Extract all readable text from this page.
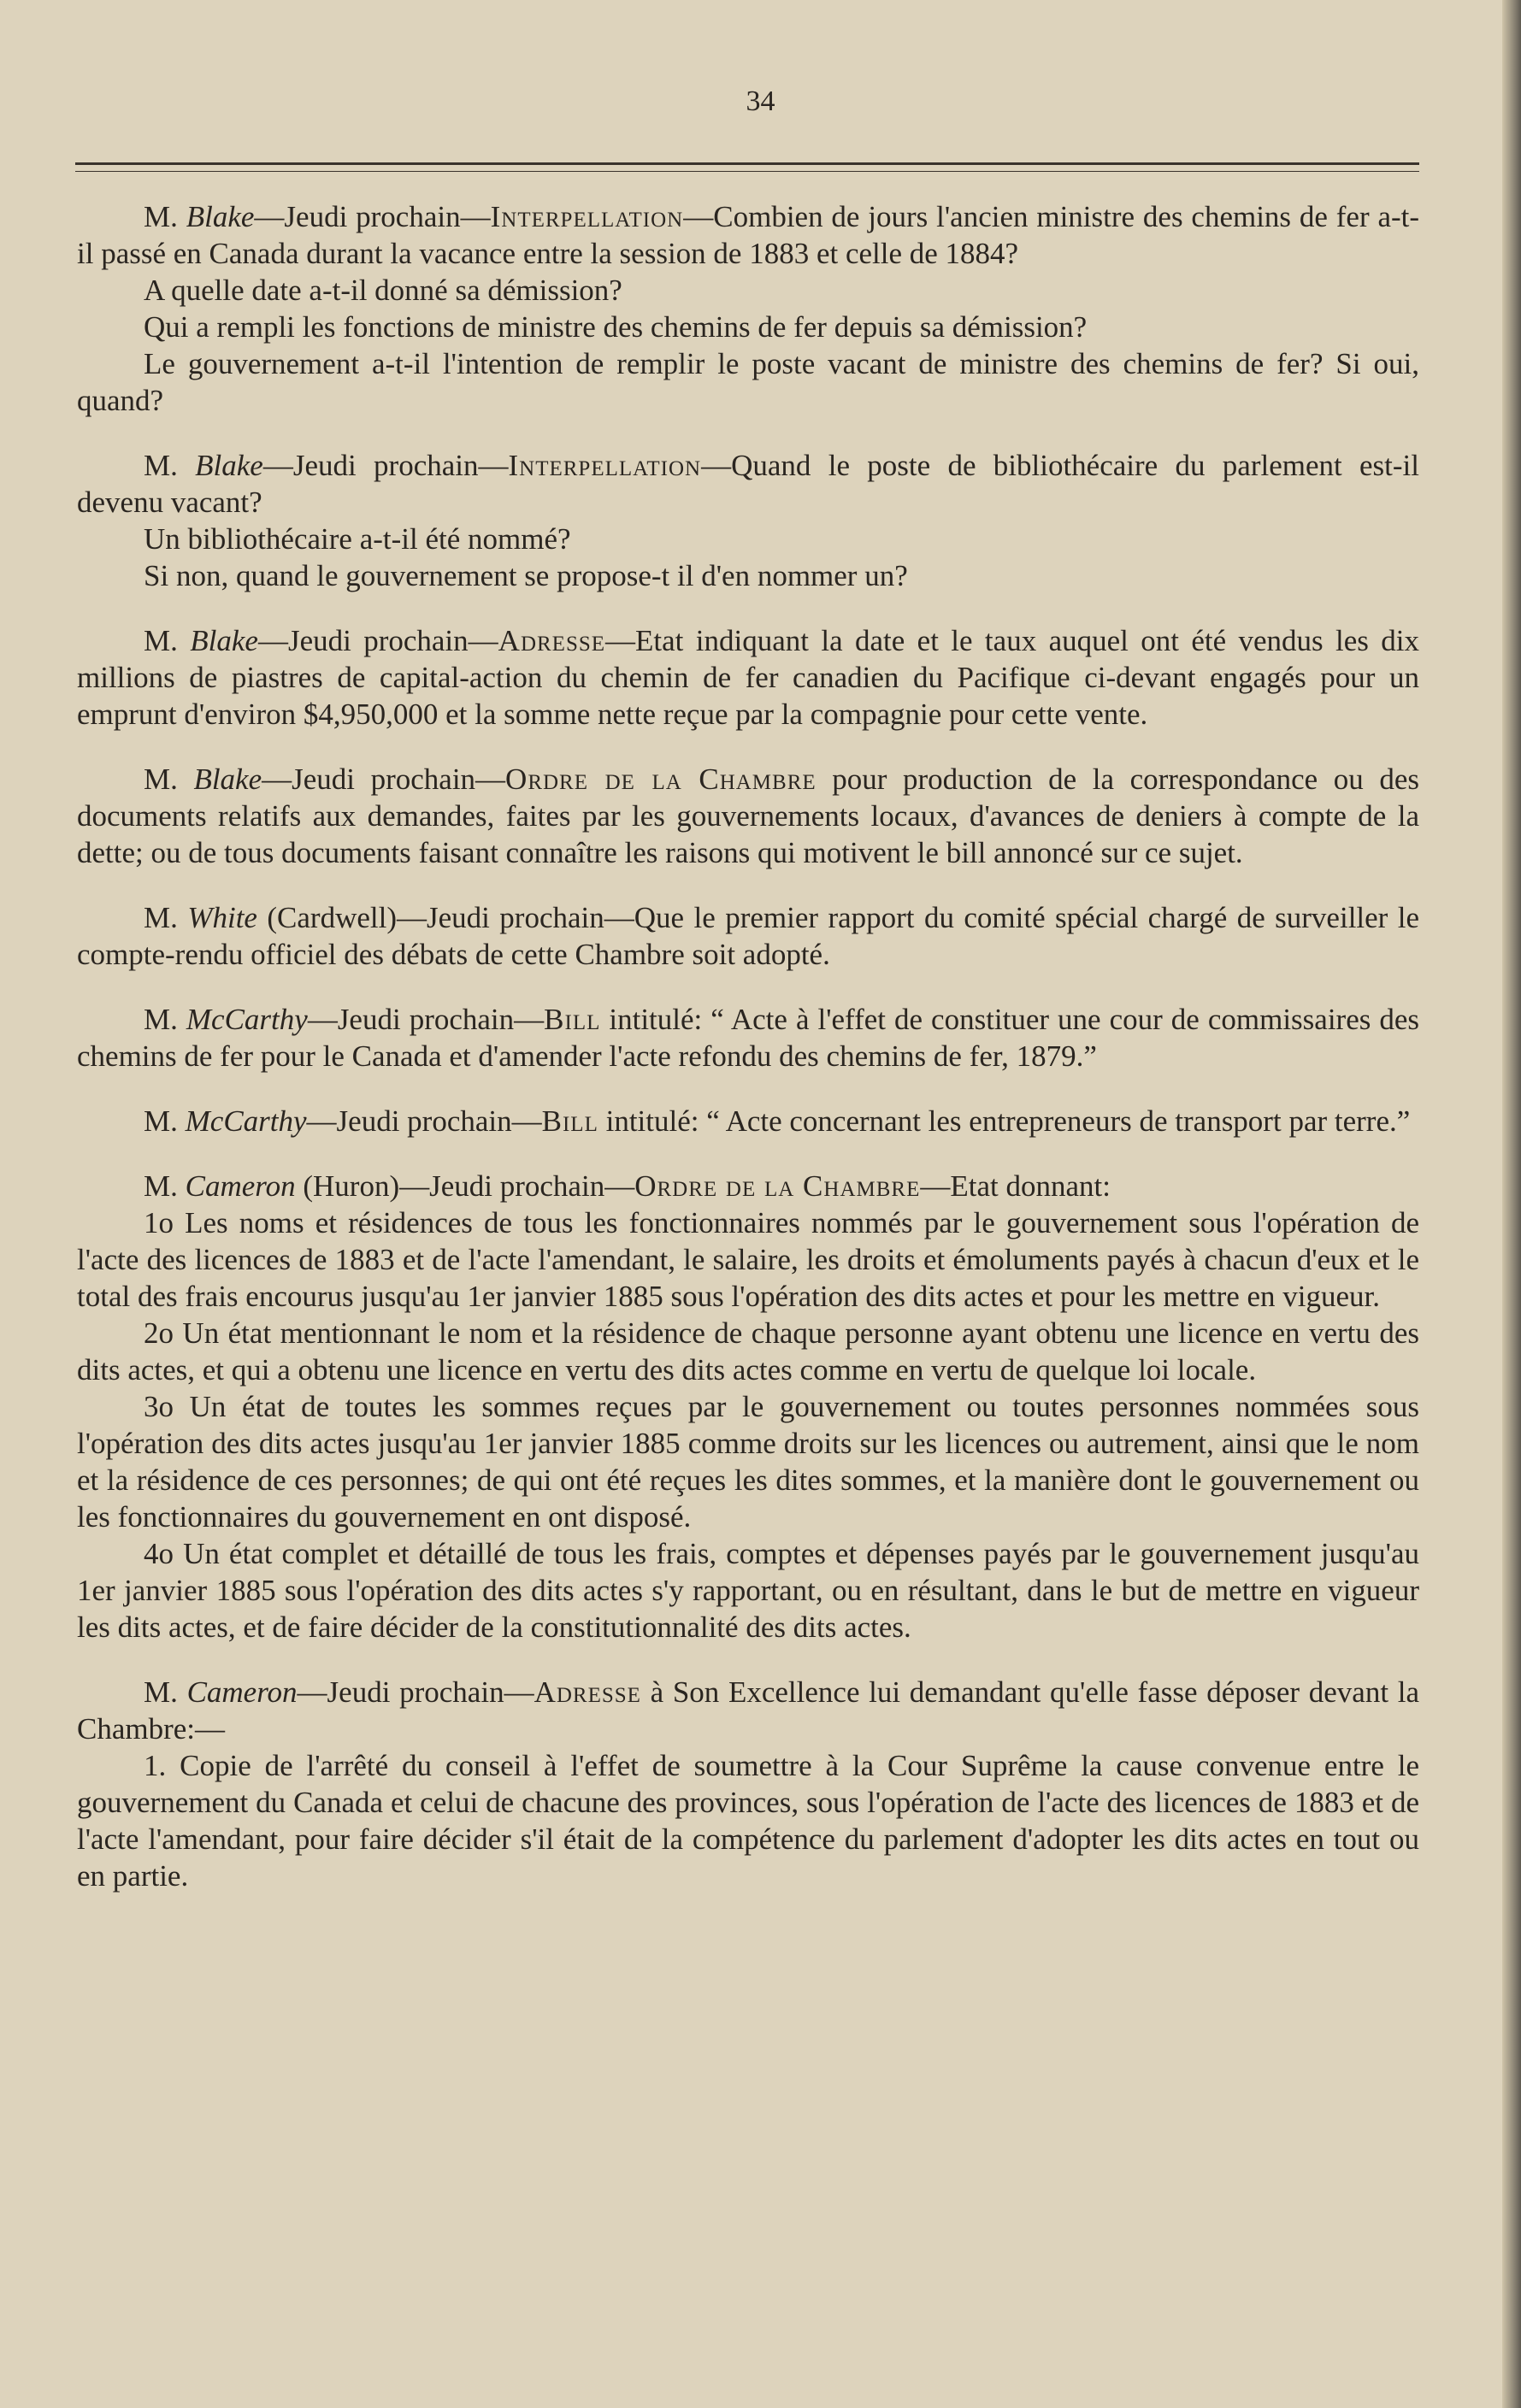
34

M. Blake—Jeudi prochain—Interpellation—Combien de jours l'ancien ministre des chemins de fer a-t-il passé en Canada durant la vacance entre la session de 1883 et celle de 1884?

A quelle date a-t-il donné sa démission?

Qui a rempli les fonctions de ministre des chemins de fer depuis sa démission?

Le gouvernement a-t-il l'intention de remplir le poste vacant de ministre des chemins de fer? Si oui, quand?

M. Blake—Jeudi prochain—Interpellation—Quand le poste de bibliothécaire du parlement est-il devenu vacant?

Un bibliothécaire a-t-il été nommé?

Si non, quand le gouvernement se propose-t il d'en nommer un?

M. Blake—Jeudi prochain—Adresse—Etat indiquant la date et le taux auquel ont été vendus les dix millions de piastres de capital-action du chemin de fer canadien du Pacifique ci-devant engagés pour un emprunt d'environ $4,950,000 et la somme nette reçue par la compagnie pour cette vente.

M. Blake—Jeudi prochain—Ordre de la Chambre pour production de la correspondance ou des documents relatifs aux demandes, faites par les gouvernements locaux, d'avances de deniers à compte de la dette; ou de tous documents faisant connaître les raisons qui motivent le bill annoncé sur ce sujet.

M. White (Cardwell)—Jeudi prochain—Que le premier rapport du comité spécial chargé de surveiller le compte-rendu officiel des débats de cette Chambre soit adopté.

M. McCarthy—Jeudi prochain—Bill intitulé: “ Acte à l'effet de constituer une cour de commissaires des chemins de fer pour le Canada et d'amender l'acte refondu des chemins de fer, 1879.”

M. McCarthy—Jeudi prochain—Bill intitulé: “ Acte concernant les entrepreneurs de transport par terre.”

M. Cameron (Huron)—Jeudi prochain—Ordre de la Chambre—Etat donnant:

1o Les noms et résidences de tous les fonctionnaires nommés par le gouvernement sous l'opération de l'acte des licences de 1883 et de l'acte l'amendant, le salaire, les droits et émoluments payés à chacun d'eux et le total des frais encourus jusqu'au 1er janvier 1885 sous l'opération des dits actes et pour les mettre en vigueur.

2o Un état mentionnant le nom et la résidence de chaque personne ayant obtenu une licence en vertu des dits actes, et qui a obtenu une licence en vertu des dits actes comme en vertu de quelque loi locale.

3o Un état de toutes les sommes reçues par le gouvernement ou toutes personnes nommées sous l'opération des dits actes jusqu'au 1er janvier 1885 comme droits sur les licences ou autrement, ainsi que le nom et la résidence de ces personnes; de qui ont été reçues les dites sommes, et la manière dont le gouvernement ou les fonctionnaires du gouvernement en ont disposé.

4o Un état complet et détaillé de tous les frais, comptes et dépenses payés par le gouvernement jusqu'au 1er janvier 1885 sous l'opération des dits actes s'y rapportant, ou en résultant, dans le but de mettre en vigueur les dits actes, et de faire décider de la constitutionnalité des dits actes.

M. Cameron—Jeudi prochain—Adresse à Son Excellence lui demandant qu'elle fasse déposer devant la Chambre:—

1. Copie de l'arrêté du conseil à l'effet de soumettre à la Cour Suprême la cause convenue entre le gouvernement du Canada et celui de chacune des provinces, sous l'opération de l'acte des licences de 1883 et de l'acte l'amendant, pour faire décider s'il était de la compétence du parlement d'adopter les dits actes en tout ou en partie.
